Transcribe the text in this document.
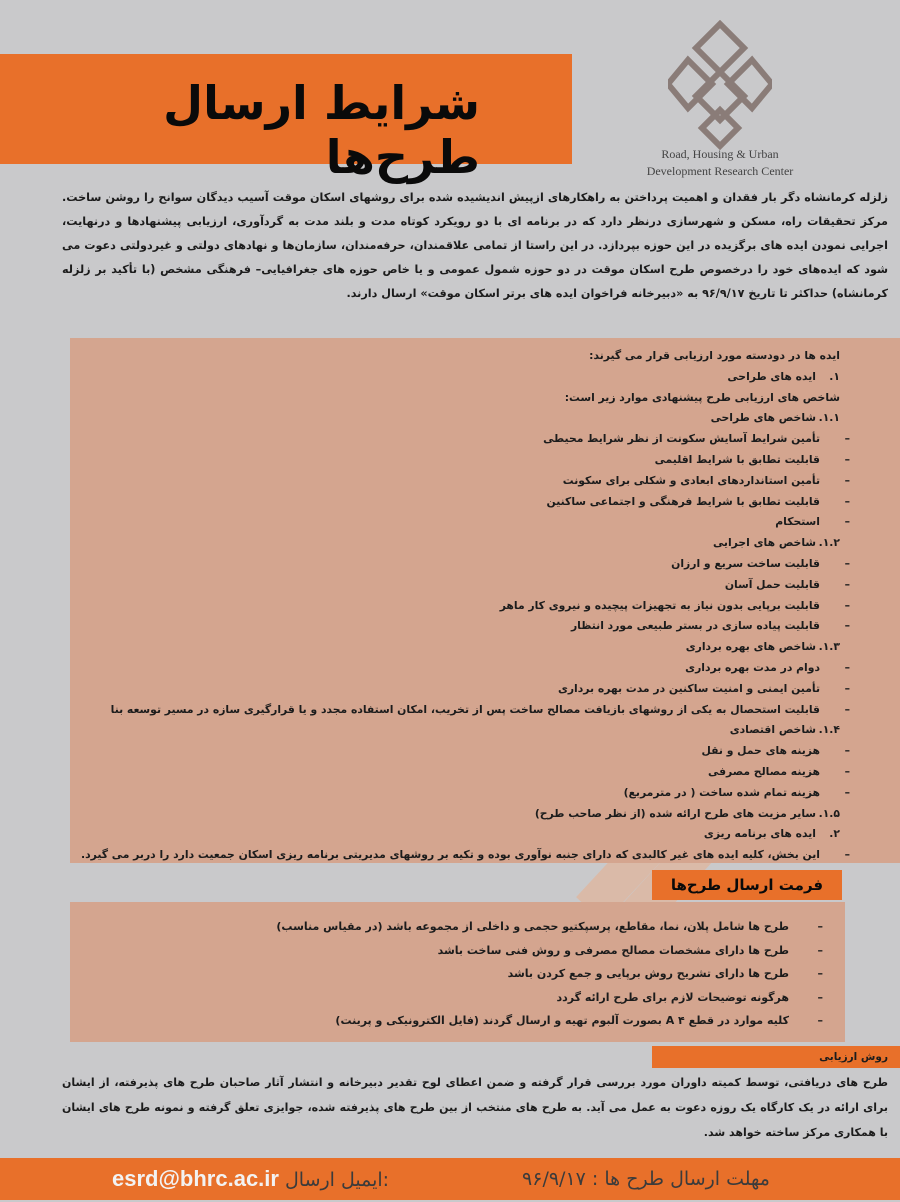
شرایط ارسال طرح‌ها	Road, Housing & Urban
Development Research Center

زلزله کرمانشاه دگر بار فقدان و اهمیت پرداختن به راهکارهای ازپیش اندیشیده شده برای روشهای اسکان موقت آسیب دیدگان سوانح را روشن ساخت. مرکز تحقیقات راه، مسکن و شهرسازی درنظر دارد که در برنامه ای با دو رویکرد کوتاه مدت و بلند مدت به گردآوری، ارزیابی پیشنهادها و درنهایت، اجرایی نمودن ایده های برگزیده در این حوزه بپردازد. در این راستا از تمامی علاقمندان، حرفه‌مندان، سازمان‌ها و نهادهای دولتی و غیردولتی دعوت می شود که ایده‌های خود را درخصوص طرح اسکان موقت در دو حوزه شمول عمومی و یا خاص حوزه های جغرافیایی– فرهنگی مشخص (با تأکید بر زلزله کرمانشاه) حداکثر تا تاریخ ۹۶/۹/۱۷ به «دبیرخانه فراخوان ایده های برتر اسکان موقت» ارسال دارند.

ایده ها در دودسته مورد ارزیابی قرار می گیرند:
۱.ایده های طراحی
شاخص های ارزیابی طرح پیشنهادی موارد زیر است:
۱.۱.شاخص های طراحی
–تأمین شرایط آسایش سکونت از نظر شرایط محیطی
–قابلیت تطابق با شرایط اقلیمی
–تأمین استانداردهای ابعادی و شکلی برای سکونت
–قابلیت تطابق با شرایط فرهنگی و اجتماعی ساکنین
–استحکام
۱.۲.شاخص های اجرایی
–قابلیت ساخت سریع و ارزان
–قابلیت حمل آسان
–قابلیت برپایی بدون نیاز به تجهیزات پیچیده و نیروی کار ماهر
–قابلیت پیاده سازی در بستر طبیعی مورد انتظار
۱.۳.شاخص های بهره برداری
–دوام در مدت بهره برداری
–تأمین ایمنی و امنیت ساکنین در مدت بهره برداری
–قابلیت استحصال به یکی از روشهای بازیافت مصالح ساخت پس از تخریب، امکان استفاده مجدد و یا قرارگیری سازه در مسیر توسعه بنا
۱.۴.شاخص اقتصادی
–هزینه های حمل و نقل
–هزینه مصالح مصرفی
–هزینه تمام شده ساخت ( در مترمربع)
۱.۵.سایر مزیت های طرح ارائه شده (از نظر صاحب طرح)
۲.ایده های برنامه ریزی
–این بخش، کلیه ایده های غیر کالبدی که دارای جنبه نوآوری بوده و تکیه بر روشهای مدیریتی برنامه ریزی اسکان جمعیت دارد را دربر می گیرد.
فرمت ارسال طرح‌ها
–طرح ها شامل پلان، نما، مقاطع، پرسپکتیو حجمی و داخلی از مجموعه باشد (در مقیاس مناسب)
–طرح ها دارای مشخصات مصالح مصرفی و روش فنی ساخت باشد
–طرح ها دارای تشریح روش برپایی و جمع کردن باشد
–هرگونه توضیحات لازم برای طرح ارائه گردد
–کلیه موارد در قطع A ۴ بصورت آلبوم تهیه و ارسال گردند (فایل الکترونیکی و پرینت)
روش ارزیابی

طرح های دریافتی، توسط کمیته داوران مورد بررسی قرار گرفته و ضمن اعطای لوح تقدیر دبیرخانه و انتشار آثار صاحبان طرح های پذیرفته، از ایشان برای ارائه در یک کارگاه یک روزه دعوت به عمل می آید. به طرح های منتخب از بین طرح های پذیرفته شده، جوایزی تعلق گرفته و نمونه طرح های ایشان با همکاری مرکز ساخته خواهد شد.

مهلت ارسال طرح ها : ۹۶/۹/۱۷
esrd@bhrc.ac.ir ایمیل ارسال:
